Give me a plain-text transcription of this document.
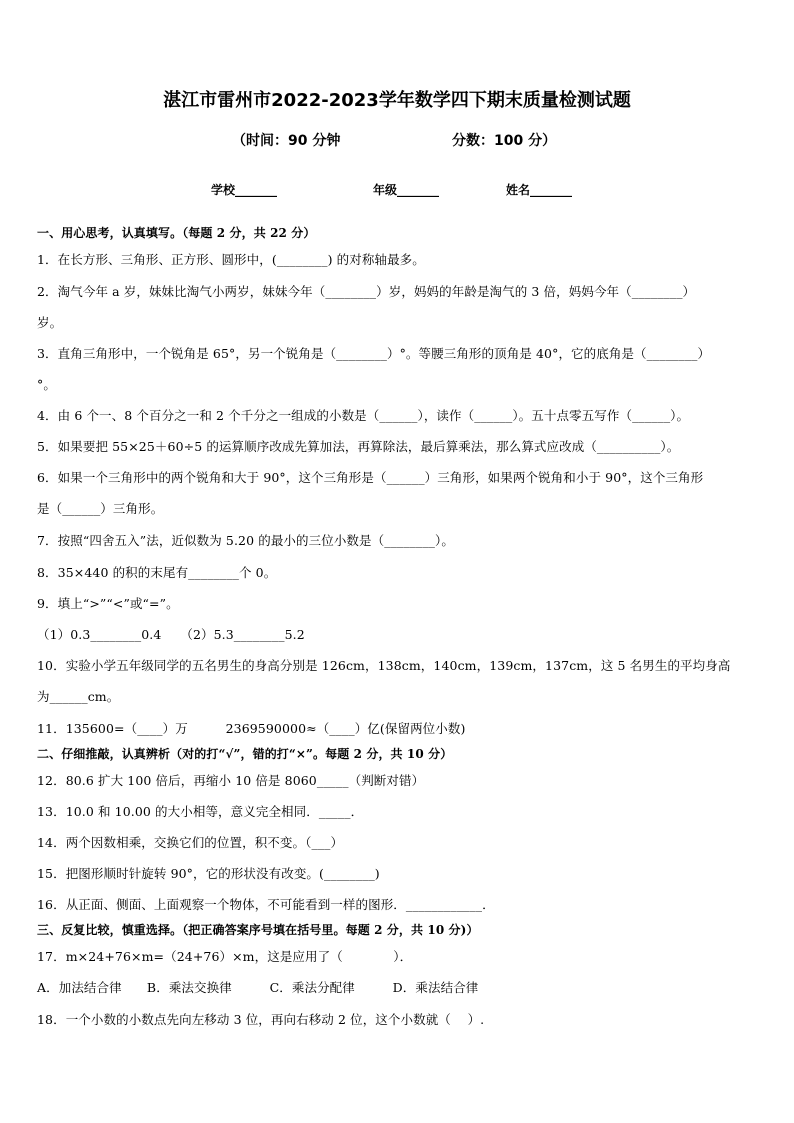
湛江市雷州市2022-2023学年数学四下期末质量检测试题
（时间：90 分钟	分数：100 分）
学校_______	年级_______	姓名_______
一、用心思考，认真填写。（每题 2 分，共 22 分）
1．在长方形、三角形、正方形、圆形中，(________) 的对称轴最多。
2．淘气今年 a 岁，妹妹比淘气小两岁，妹妹今年（________）岁，妈妈的年龄是淘气的 3 倍，妈妈今年（________）
岁。
3．直角三角形中，一个锐角是 65°，另一个锐角是（________）°。等腰三角形的顶角是 40°，它的底角是（________）
°。
4．由 6 个一、8 个百分之一和 2 个千分之一组成的小数是（______），读作（______）。五十点零五写作（______）。
5．如果要把 55×25＋60÷5 的运算顺序改成先算加法，再算除法，最后算乘法，那么算式应改成（__________）。
6．如果一个三角形中的两个锐角和大于 90°，这个三角形是（______）三角形，如果两个锐角和小于 90°，这个三角形
是（______）三角形。
7．按照“四舍五入”法，近似数为 5.20 的最小的三位小数是（________）。
8．35×440 的积的末尾有________个 0。
9．填上“>”“<”或“=”。
（1）0.3________0.4　　（2）5.3________5.2
10．实验小学五年级同学的五名男生的身高分别是 126cm，138cm，140cm，139cm，137cm，这 5 名男生的平均身高
为______cm。
11．135600=（____）万　　　2369590000≈（____）亿(保留两位小数)
二、仔细推敲，认真辨析（对的打“√”，错的打“×”。每题 2 分，共 10 分）
12．80.6 扩大 100 倍后，再缩小 10 倍是 8060_____（判断对错）
13．10.0 和 10.00 的大小相等，意义完全相同．_____．
14．两个因数相乘，交换它们的位置，积不变。（___）
15．把图形顺时针旋转 90°，它的形状没有改变。(________)
16．从正面、侧面、上面观察一个物体，不可能看到一样的图形．____________．
三、反复比较，慎重选择。（把正确答案序号填在括号里。每题 2 分，共 10 分)）
17．m×24+76×m=（24+76）×m，这是应用了（　　　　）．
A．加法结合律　　B．乘法交换律　　　C．乘法分配律　　　D．乘法结合律
18．一个小数的小数点先向左移动 3 位，再向右移动 2 位，这个小数就（　 ）.
